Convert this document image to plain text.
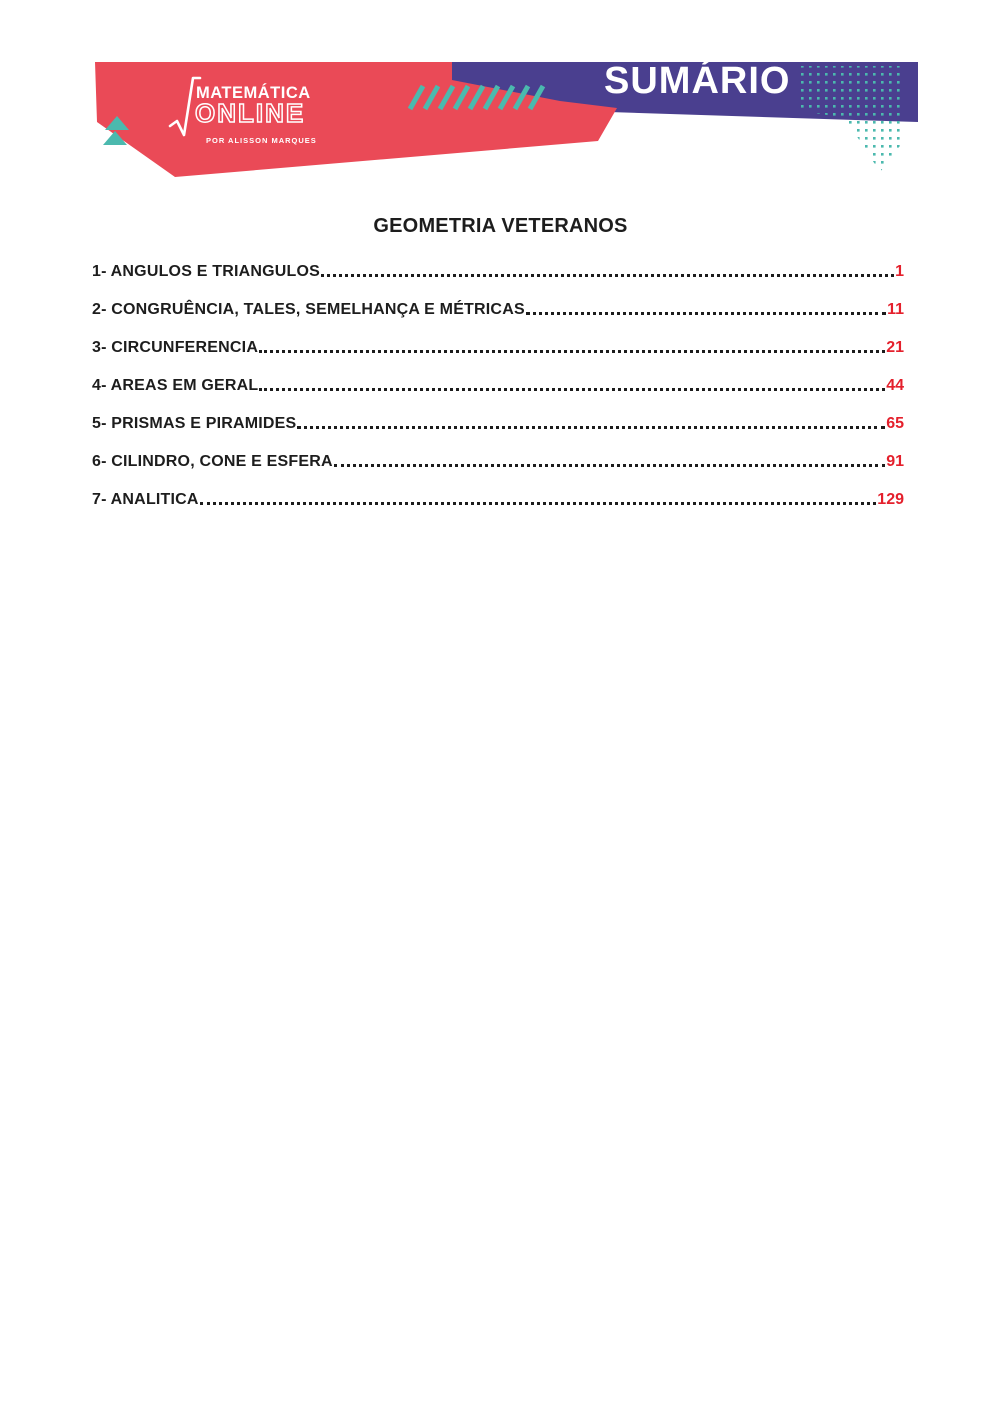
MATEMÁTICA
ONLINE
POR ALISSON MARQUES
SUMÁRIO
GEOMETRIA VETERANOS
1- ANGULOS E TRIANGULOS	1
2- CONGRUÊNCIA, TALES, SEMELHANÇA E MÉTRICAS	11
3- CIRCUNFERENCIA	21
4- AREAS EM GERAL	44
5- PRISMAS E PIRAMIDES	65
6- CILINDRO, CONE E ESFERA	91
7- ANALITICA	129
